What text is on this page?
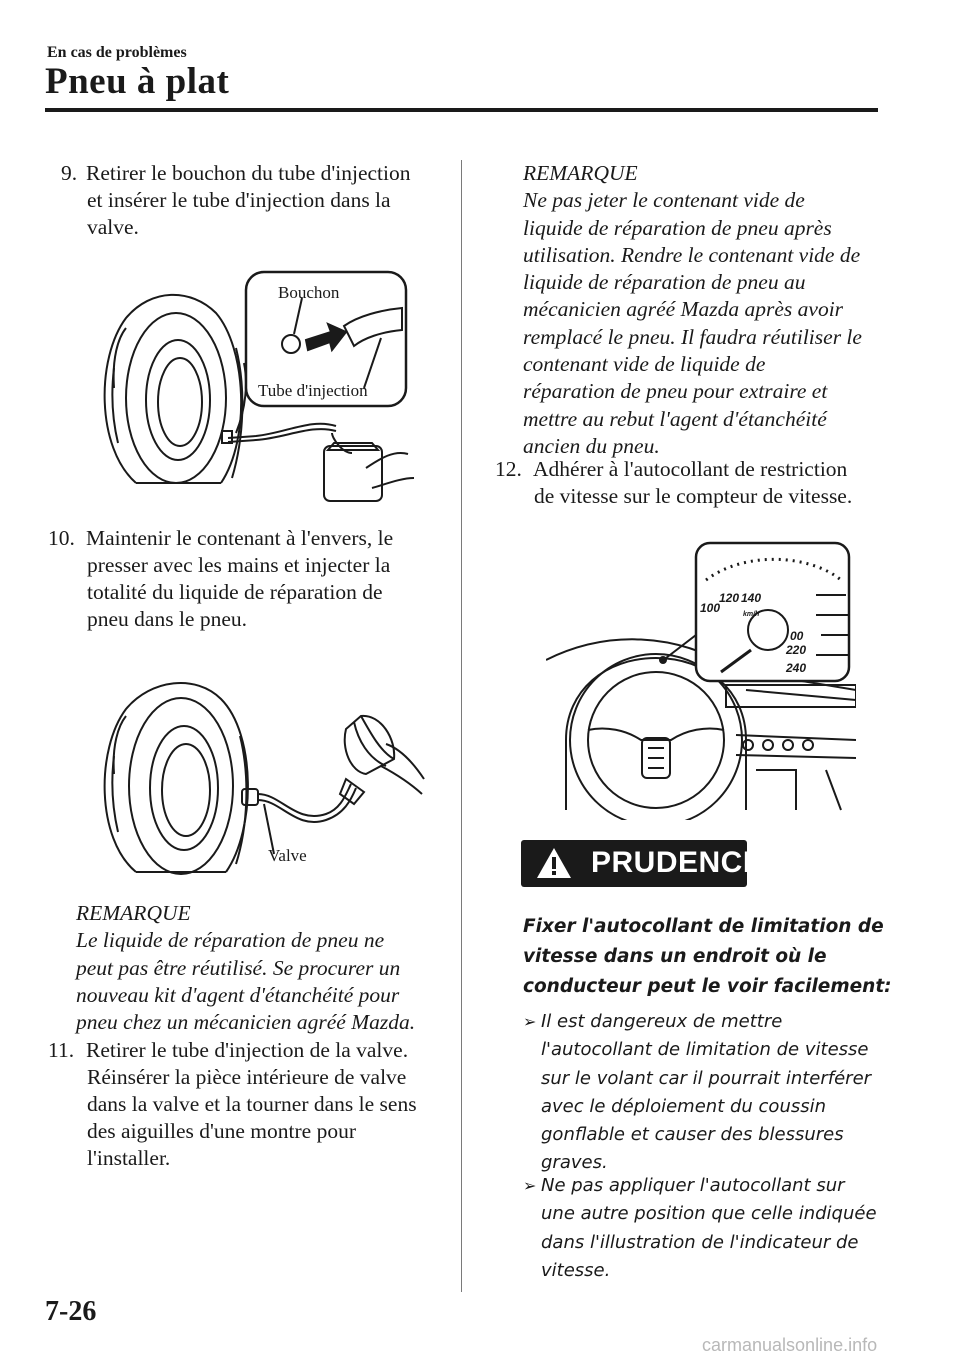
En cas de problèmes
Pneu à plat
9. Retirer le bouchon du tube d'injection
et insérer le tube d'injection dans la
valve.
Bouchon
Tube d'injection
10. Maintenir le contenant à l'envers, le
presser avec les mains et injecter la
totalité du liquide de réparation de
pneu dans le pneu.
Valve
REMARQUE
Le liquide de réparation de pneu ne
peut pas être réutilisé. Se procurer un
nouveau kit d'agent d'étanchéité pour
pneu chez un mécanicien agréé Mazda.
11. Retirer le tube d'injection de la valve.
Réinsérer la pièce intérieure de valve
dans la valve et la tourner dans le sens
des aiguilles d'une montre pour
l'installer.
REMARQUE
Ne pas jeter le contenant vide de
liquide de réparation de pneu après
utilisation. Rendre le contenant vide de
liquide de réparation de pneu au
mécanicien agréé Mazda après avoir
remplacé le pneu. Il faudra réutiliser le
contenant vide de liquide de
réparation de pneu pour extraire et
mettre au rebut l'agent d'étanchéité
ancien du pneu.
12. Adhérer à l'autocollant de restriction
de vitesse sur le compteur de vitesse.
100
120 140
00
220
240
km/h
PRUDENCE
Fixer l'autocollant de limitation de
vitesse dans un endroit où le
conducteur peut le voir facilement:
➢ Il est dangereux de mettre
l'autocollant de limitation de vitesse
sur le volant car il pourrait interférer
avec le déploiement du coussin
gonflable et causer des blessures
graves.
➢ Ne pas appliquer l'autocollant sur
une autre position que celle indiquée
dans l'illustration de l'indicateur de
vitesse.
7-26
carmanualsonline.info
